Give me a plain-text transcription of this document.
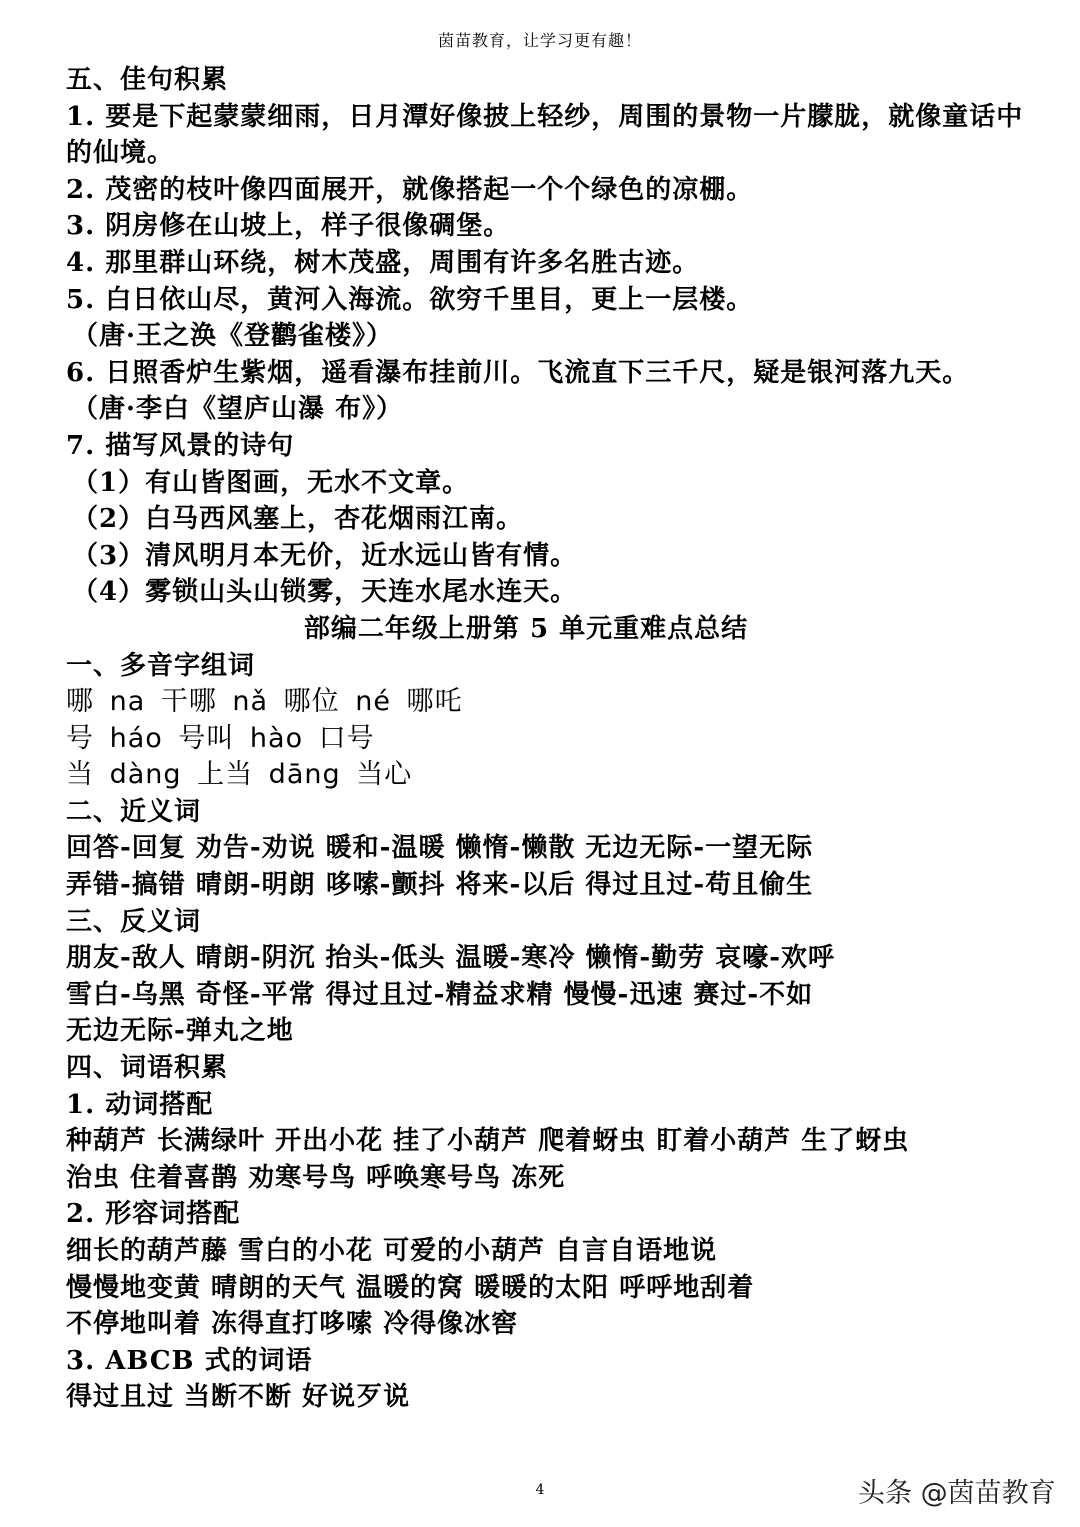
茵苗教育，让学习更有趣！
五、佳句积累
1. 要是下起蒙蒙细雨，日月潭好像披上轻纱，周围的景物一片朦胧，就像童话中的仙境。
2. 茂密的枝叶像四面展开，就像搭起一个个绿色的凉棚。
3. 阴房修在山坡上，样子很像碉堡。
4. 那里群山环绕，树木茂盛，周围有许多名胜古迹。
5. 白日依山尽，黄河入海流。欲穷千里目，更上一层楼。
（唐·王之涣《登鹳雀楼》）
6. 日照香炉生紫烟，遥看瀑布挂前川。飞流直下三千尺，疑是银河落九天。
（唐·李白《望庐山瀑 布》）
7. 描写风景的诗句
（1）有山皆图画，无水不文章。
（2）白马西风塞上，杏花烟雨江南。
（3）清风明月本无价，近水远山皆有情。
（4）雾锁山头山锁雾，天连水尾水连天。
部编二年级上册第 5 单元重难点总结
一、多音字组词
哪 na 干哪 nǎ 哪位 né 哪吒
号 háo 号叫 hào 口号
当 dàng 上当 dāng 当心
二、近义词
回答-回复 劝告-劝说 暖和-温暖 懒惰-懒散 无边无际-一望无际
弄错-搞错 晴朗-明朗 哆嗦-颤抖 将来-以后 得过且过-苟且偷生
三、反义词
朋友-敌人 晴朗-阴沉 抬头-低头 温暖-寒冷 懒惰-勤劳 哀嚎-欢呼
雪白-乌黑 奇怪-平常 得过且过-精益求精 慢慢-迅速 赛过-不如
无边无际-弹丸之地
四、词语积累
1. 动词搭配
种葫芦 长满绿叶 开出小花 挂了小葫芦 爬着蚜虫 盯着小葫芦 生了蚜虫
治虫 住着喜鹊 劝寒号鸟 呼唤寒号鸟 冻死
2. 形容词搭配
细长的葫芦藤 雪白的小花 可爱的小葫芦 自言自语地说
慢慢地变黄 晴朗的天气 温暖的窝 暖暖的太阳 呼呼地刮着
不停地叫着 冻得直打哆嗦 冷得像冰窖
3. ABCB 式的词语
得过且过 当断不断 好说歹说
4	头条 @茵苗教育
